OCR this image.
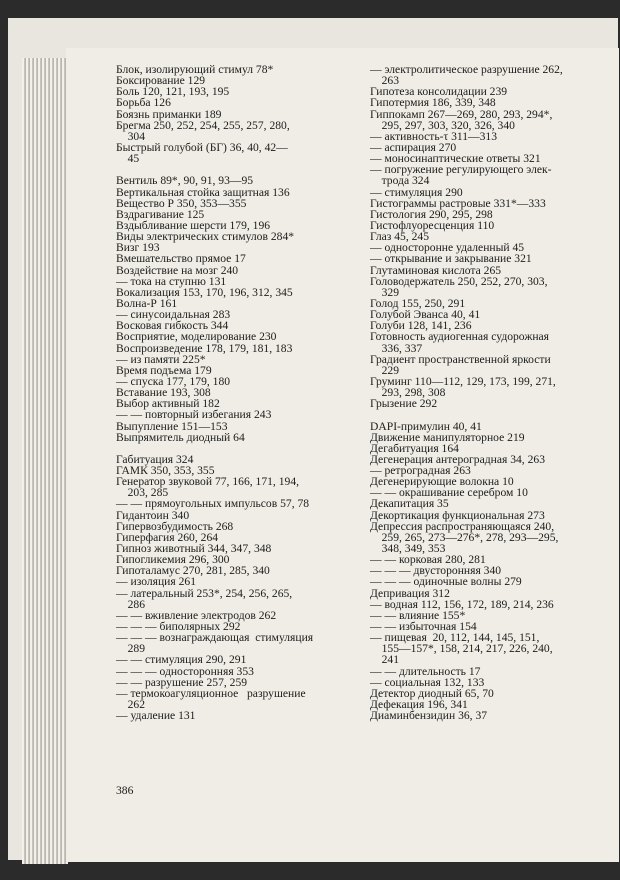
Блок, изолирующий стимул 78*
Боксирование 129
Боль 120, 121, 193, 195
Борьба 126
Боязнь приманки 189
Брегма 250, 252, 254, 255, 257, 280,
304
Быстрый голубой (БГ) 36, 40, 42—
45
Вентиль 89*, 90, 91, 93—95
Вертикальная стойка защитная 136
Вещество Р 350, 353—355
Вздрагивание 125
Вздыбливание шерсти 179, 196
Виды электрических стимулов 284*
Визг 193
Вмешательство прямое 17
Воздействие на мозг 240
— тока на ступню 131
Вокализация 153, 170, 196, 312, 345
Волна-Р 161
— синусоидальная 283
Восковая гибкость 344
Восприятие, моделирование 230
Воспроизведение 178, 179, 181, 183
— из памяти 225*
Время подъема 179
— спуска 177, 179, 180
Вставание 193, 308
Выбор активный 182
— — повторный избегания 243
Выпупление 151—153
Выпрямитель диодный 64
Габитуация 324
ГАМК 350, 353, 355
Генератор звуковой 77, 166, 171, 194,
203, 285
— — прямоугольных импульсов 57, 78
Гидантоин 340
Гипервозбудимость 268
Гиперфагия 260, 264
Гипноз животный 344, 347, 348
Гипогликемия 296, 300
Гипоталамус 270, 281, 285, 340
— изоляция 261
— латеральный 253*, 254, 256, 265,
286
— — вживление электродов 262
— — — биполярных 292
— — — вознаграждающая  стимуляция
289
— — стимуляция 290, 291
— — — односторонняя 353
— — разрушение 257, 259
— термокоагуляционное   разрушение
262
— удаление 131
— электролитическое разрушение 262,
263
Гипотеза консолидации 239
Гипотермия 186, 339, 348
Гиппокамп 267—269, 280, 293, 294*,
295, 297, 303, 320, 326, 340
— активность-τ 311—313
— аспирация 270
— моносинаптические ответы 321
— погружение регулирующего элек-
трода 324
— стимуляция 290
Гистограммы растровые 331*—333
Гистология 290, 295, 298
Гистофлуоресценция 110
Глаз 45, 245
— одностороннe удаленный 45
— открывание и закрывание 321
Глутаминовая кислота 265
Головодержатель 250, 252, 270, 303,
329
Голод 155, 250, 291
Голубой Эванса 40, 41
Голуби 128, 141, 236
Готовность аудиогенная судорожная
336, 337
Градиент пространственной яркости
229
Груминг 110—112, 129, 173, 199, 271,
293, 298, 308
Грызение 292
DAPI-примулин 40, 41
Движение манипуляторное 219
Дегабитуация 164
Дегенерация антероградная 34, 263
— ретроградная 263
Дегенерирующие волокна 10
— — окрашивание серебром 10
Декапитация 35
Декортикация функциональная 273
Депрессия распространяющаяся 240,
259, 265, 273—276*, 278, 293—295,
348, 349, 353
— — корковая 280, 281
— — — двусторонняя 340
— — — одиночные волны 279
Депривация 312
— водная 112, 156, 172, 189, 214, 236
— — влияние 155*
— — избыточная 154
— пищевая  20, 112, 144, 145, 151,
155—157*, 158, 214, 217, 226, 240,
241
— — длительность 17
— социальная 132, 133
Детектор диодный 65, 70
Дефекация 196, 341
Диаминбензидин 36, 37
386
